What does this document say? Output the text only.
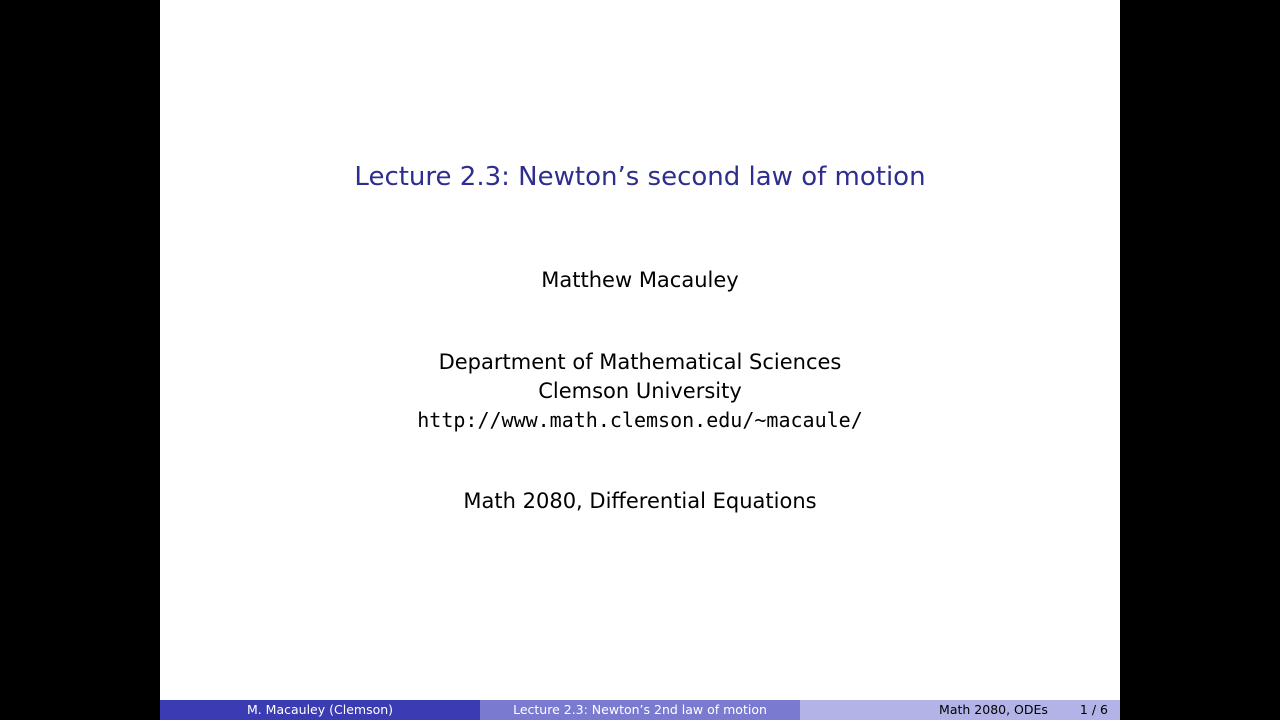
Lecture 2.3: Newton’s second law of motion
Matthew Macauley
Department of Mathematical Sciences
Clemson University
http://www.math.clemson.edu/~macaule/
Math 2080, Differential Equations
M. Macauley (Clemson)	Lecture 2.3: Newton’s 2nd law of motion	Math 2080, ODEs	1 / 6
